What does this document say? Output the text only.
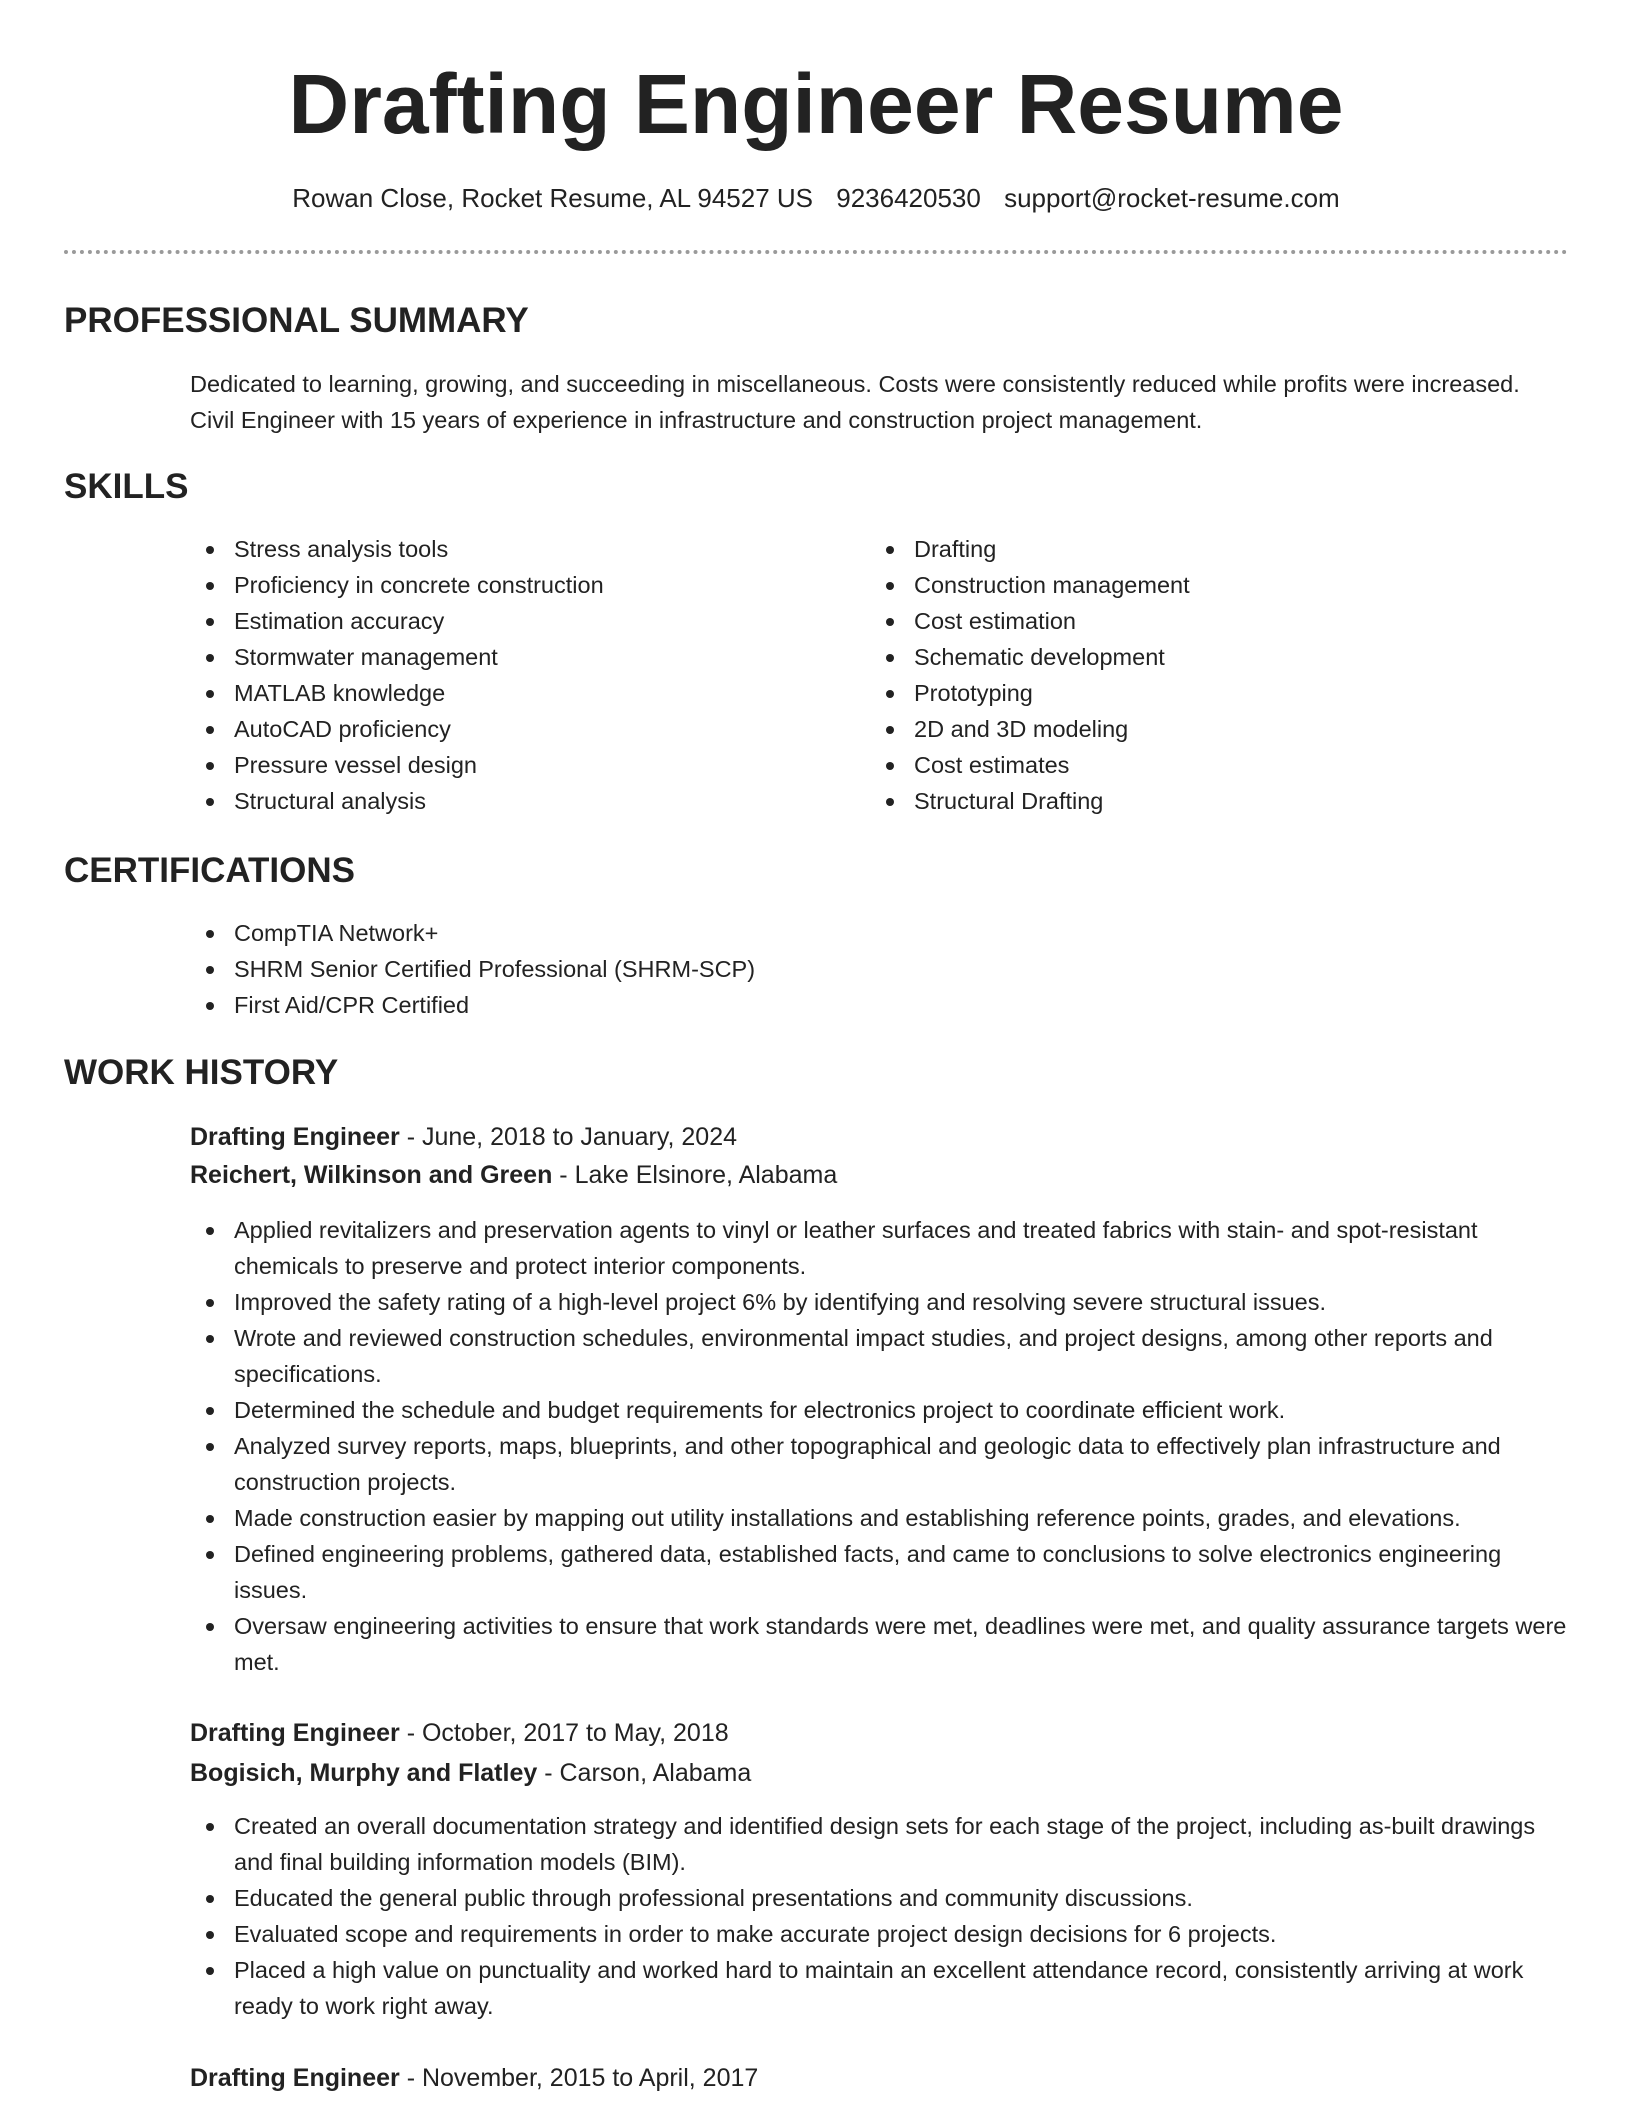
Drafting Engineer Resume
Rowan Close, Rocket Resume, AL 94527 US 9236420530 support@rocket-resume.com
PROFESSIONAL SUMMARY
Dedicated to learning, growing, and succeeding in miscellaneous. Costs were consistently reduced while profits were increased. Civil Engineer with 15 years of experience in infrastructure and construction project management.
SKILLS
Stress analysis tools
Proficiency in concrete construction
Estimation accuracy
Stormwater management
MATLAB knowledge
AutoCAD proficiency
Pressure vessel design
Structural analysis
Drafting
Construction management
Cost estimation
Schematic development
Prototyping
2D and 3D modeling
Cost estimates
Structural Drafting
CERTIFICATIONS
CompTIA Network+
SHRM Senior Certified Professional (SHRM-SCP)
First Aid/CPR Certified
WORK HISTORY
Drafting Engineer - June, 2018 to January, 2024
Reichert, Wilkinson and Green - Lake Elsinore, Alabama
Applied revitalizers and preservation agents to vinyl or leather surfaces and treated fabrics with stain- and spot-resistant chemicals to preserve and protect interior components.
Improved the safety rating of a high-level project 6% by identifying and resolving severe structural issues.
Wrote and reviewed construction schedules, environmental impact studies, and project designs, among other reports and specifications.
Determined the schedule and budget requirements for electronics project to coordinate efficient work.
Analyzed survey reports, maps, blueprints, and other topographical and geologic data to effectively plan infrastructure and construction projects.
Made construction easier by mapping out utility installations and establishing reference points, grades, and elevations.
Defined engineering problems, gathered data, established facts, and came to conclusions to solve electronics engineering issues.
Oversaw engineering activities to ensure that work standards were met, deadlines were met, and quality assurance targets were met.
Drafting Engineer - October, 2017 to May, 2018
Bogisich, Murphy and Flatley - Carson, Alabama
Created an overall documentation strategy and identified design sets for each stage of the project, including as-built drawings and final building information models (BIM).
Educated the general public through professional presentations and community discussions.
Evaluated scope and requirements in order to make accurate project design decisions for 6 projects.
Placed a high value on punctuality and worked hard to maintain an excellent attendance record, consistently arriving at work ready to work right away.
Drafting Engineer - November, 2015 to April, 2017
